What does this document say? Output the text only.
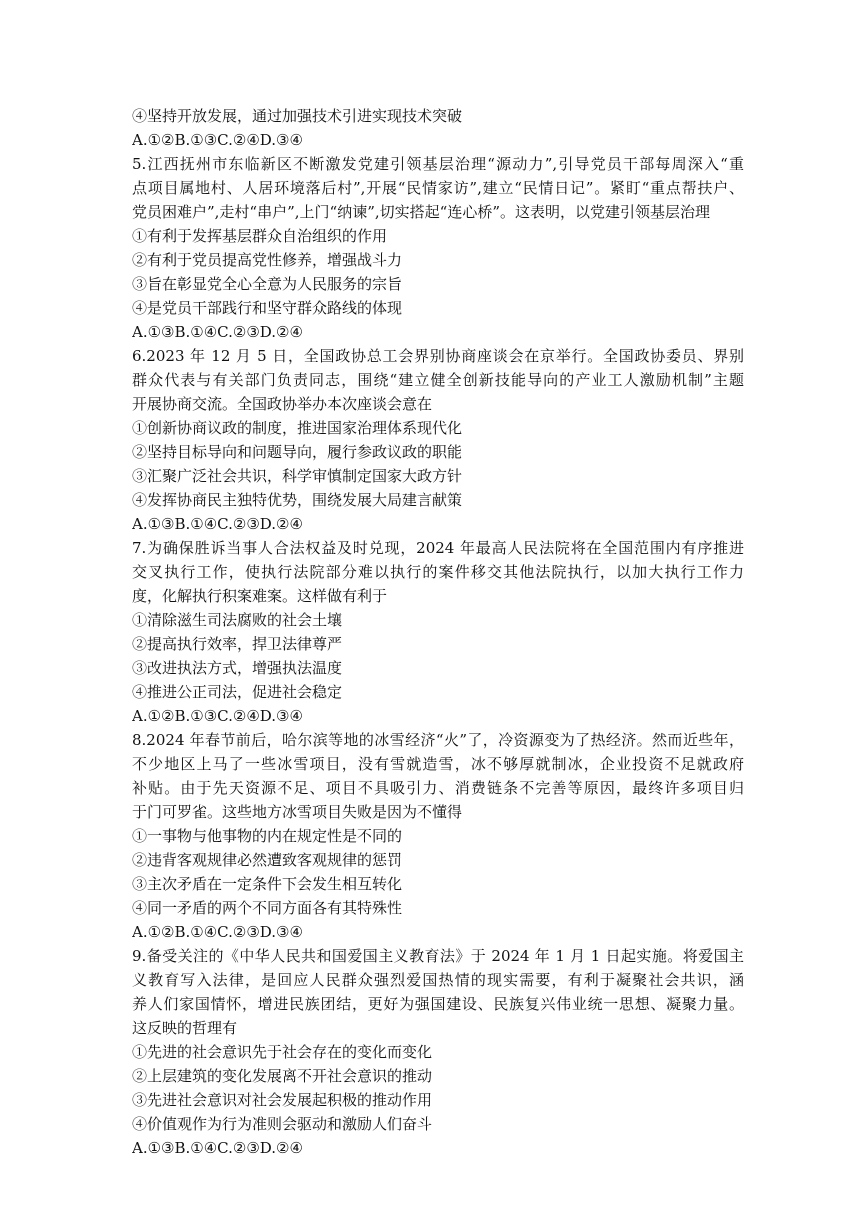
④坚持开放发展，通过加强技术引进实现技术突破
A.①②B.①③C.②④D.③④
5.江西抚州市东临新区不断激发党建引领基层治理“源动力”,引导党员干部每周深入“重
点项目属地村、人居环境落后村”,开展“民情家访”,建立“民情日记”。紧盯“重点帮扶户、
党员困难户”,走村“串户”,上门“纳谏”,切实搭起“连心桥”。这表明，以党建引领基层治理
①有利于发挥基层群众自治组织的作用
②有利于党员提高党性修养，增强战斗力
③旨在彰显党全心全意为人民服务的宗旨
④是党员干部践行和坚守群众路线的体现
A.①③B.①④C.②③D.②④
6.2023 年 12 月 5 日，全国政协总工会界别协商座谈会在京举行。全国政协委员、界别
群众代表与有关部门负责同志，围绕“建立健全创新技能导向的产业工人激励机制”主题
开展协商交流。全国政协举办本次座谈会意在
①创新协商议政的制度，推进国家治理体系现代化
②坚持目标导向和问题导向，履行参政议政的职能
③汇聚广泛社会共识，科学审慎制定国家大政方针
④发挥协商民主独特优势，围绕发展大局建言献策
A.①③B.①④C.②③D.②④
7.为确保胜诉当事人合法权益及时兑现，2024 年最高人民法院将在全国范围内有序推进
交叉执行工作，使执行法院部分难以执行的案件移交其他法院执行，以加大执行工作力
度，化解执行积案难案。这样做有利于
①清除滋生司法腐败的社会土壤
②提高执行效率，捍卫法律尊严
③改进执法方式，增强执法温度
④推进公正司法，促进社会稳定
A.①②B.①③C.②④D.③④
8.2024 年春节前后，哈尔滨等地的冰雪经济“火”了，冷资源变为了热经济。然而近些年，
不少地区上马了一些冰雪项目，没有雪就造雪，冰不够厚就制冰，企业投资不足就政府
补贴。由于先天资源不足、项目不具吸引力、消费链条不完善等原因，最终许多项目归
于门可罗雀。这些地方冰雪项目失败是因为不懂得
①一事物与他事物的内在规定性是不同的
②违背客观规律必然遭致客观规律的惩罚
③主次矛盾在一定条件下会发生相互转化
④同一矛盾的两个不同方面各有其特殊性
A.①②B.①④C.②③D.③④
9.备受关注的《中华人民共和国爱国主义教育法》于 2024 年 1 月 1 日起实施。将爱国主
义教育写入法律，是回应人民群众强烈爱国热情的现实需要，有利于凝聚社会共识，涵
养人们家国情怀，增进民族团结，更好为强国建设、民族复兴伟业统一思想、凝聚力量。
这反映的哲理有
①先进的社会意识先于社会存在的变化而变化
②上层建筑的变化发展离不开社会意识的推动
③先进社会意识对社会发展起积极的推动作用
④价值观作为行为准则会驱动和激励人们奋斗
A.①③B.①④C.②③D.②④
